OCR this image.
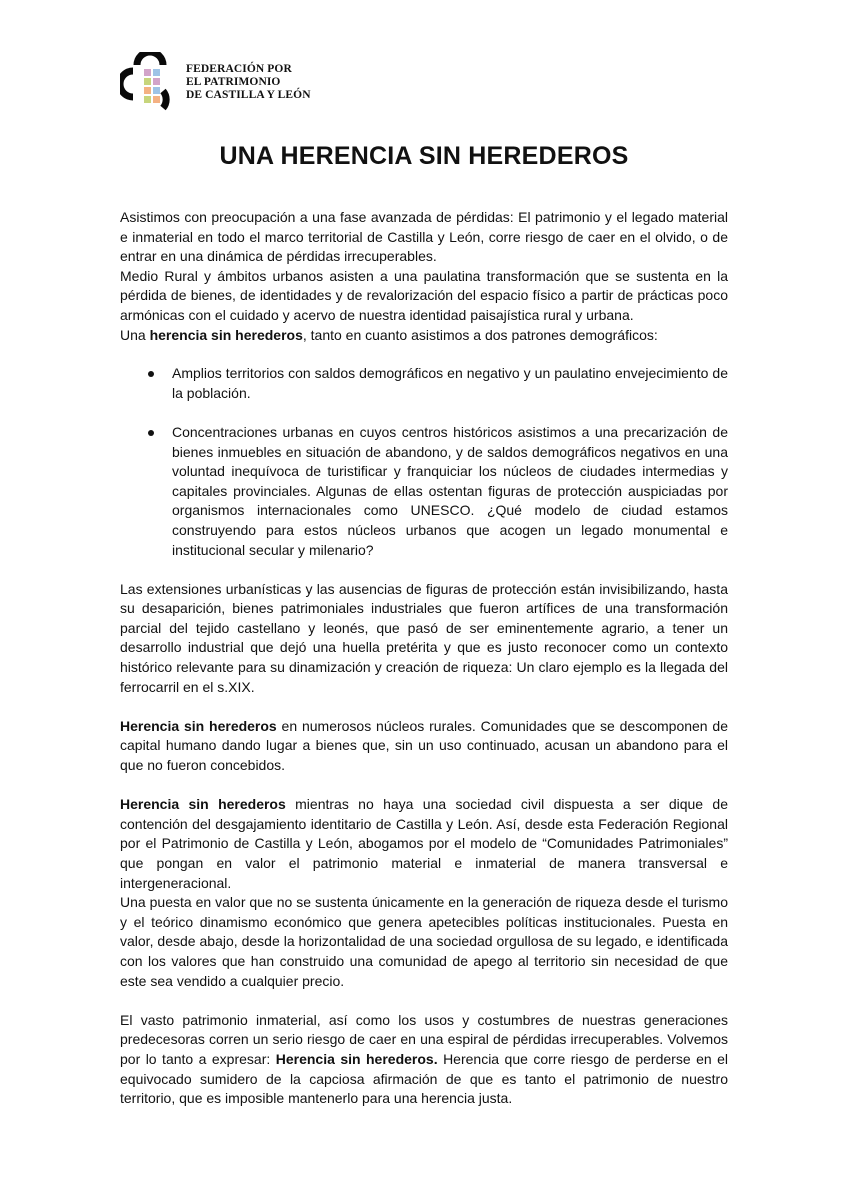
FEDERACIÓN POR
EL PATRIMONIO
DE CASTILLA Y LEÓN
UNA HERENCIA SIN HEREDEROS

Asistimos con preocupación a una fase avanzada de pérdidas: El patrimonio y el legado material e inmaterial en todo el marco territorial de Castilla y León, corre riesgo de caer en el olvido, o de entrar en una dinámica de pérdidas irrecuperables.

Medio Rural y ámbitos urbanos asisten a una paulatina transformación que se sustenta en la pérdida de bienes, de identidades y de revalorización del espacio físico a partir de prácticas poco armónicas con el cuidado y acervo de nuestra identidad paisajística rural y urbana.

Una herencia sin herederos, tanto en cuanto asistimos a dos patrones demográficos:

Amplios territorios con saldos demográficos en negativo y un paulatino envejecimiento de la población.
Concentraciones urbanas en cuyos centros históricos asistimos a una precarización de bienes inmuebles en situación de abandono, y de saldos demográficos negativos en una voluntad inequívoca de turistificar y franquiciar los núcleos de ciudades intermedias y capitales provinciales. Algunas de ellas ostentan figuras de protección auspiciadas por organismos internacionales como UNESCO. ¿Qué modelo de ciudad estamos construyendo para estos núcleos urbanos que acogen un legado monumental e institucional secular y milenario?

Las extensiones urbanísticas y las ausencias de figuras de protección están invisibilizando, hasta su desaparición, bienes patrimoniales industriales que fueron artífices de una transformación parcial del tejido castellano y leonés, que pasó de ser eminentemente agrario, a tener un desarrollo industrial que dejó una huella pretérita y que es justo reconocer como un contexto histórico relevante para su dinamización y creación de riqueza: Un claro ejemplo es la llegada del ferrocarril en el s.XIX.

Herencia sin herederos en numerosos núcleos rurales. Comunidades que se descomponen de capital humano dando lugar a bienes que, sin un uso continuado, acusan un abandono para el que no fueron concebidos.

Herencia sin herederos mientras no haya una sociedad civil dispuesta a ser dique de contención del desgajamiento identitario de Castilla y León. Así, desde esta Federación Regional por el Patrimonio de Castilla y León, abogamos por el modelo de “Comunidades Patrimoniales” que pongan en valor el patrimonio material e inmaterial de manera transversal e intergeneracional.

Una puesta en valor que no se sustenta únicamente en la generación de riqueza desde el turismo y el teórico dinamismo económico que genera apetecibles políticas institucionales. Puesta en valor, desde abajo, desde la horizontalidad de una sociedad orgullosa de su legado, e identificada con los valores que han construido una comunidad de apego al territorio sin necesidad de que este sea vendido a cualquier precio.

El vasto patrimonio inmaterial, así como los usos y costumbres de nuestras generaciones predecesoras corren un serio riesgo de caer en una espiral de pérdidas irrecuperables. Volvemos por lo tanto a expresar: Herencia sin herederos. Herencia que corre riesgo de perderse en el equivocado sumidero de la capciosa afirmación de que es tanto el patrimonio de nuestro territorio, que es imposible mantenerlo para una herencia justa.
